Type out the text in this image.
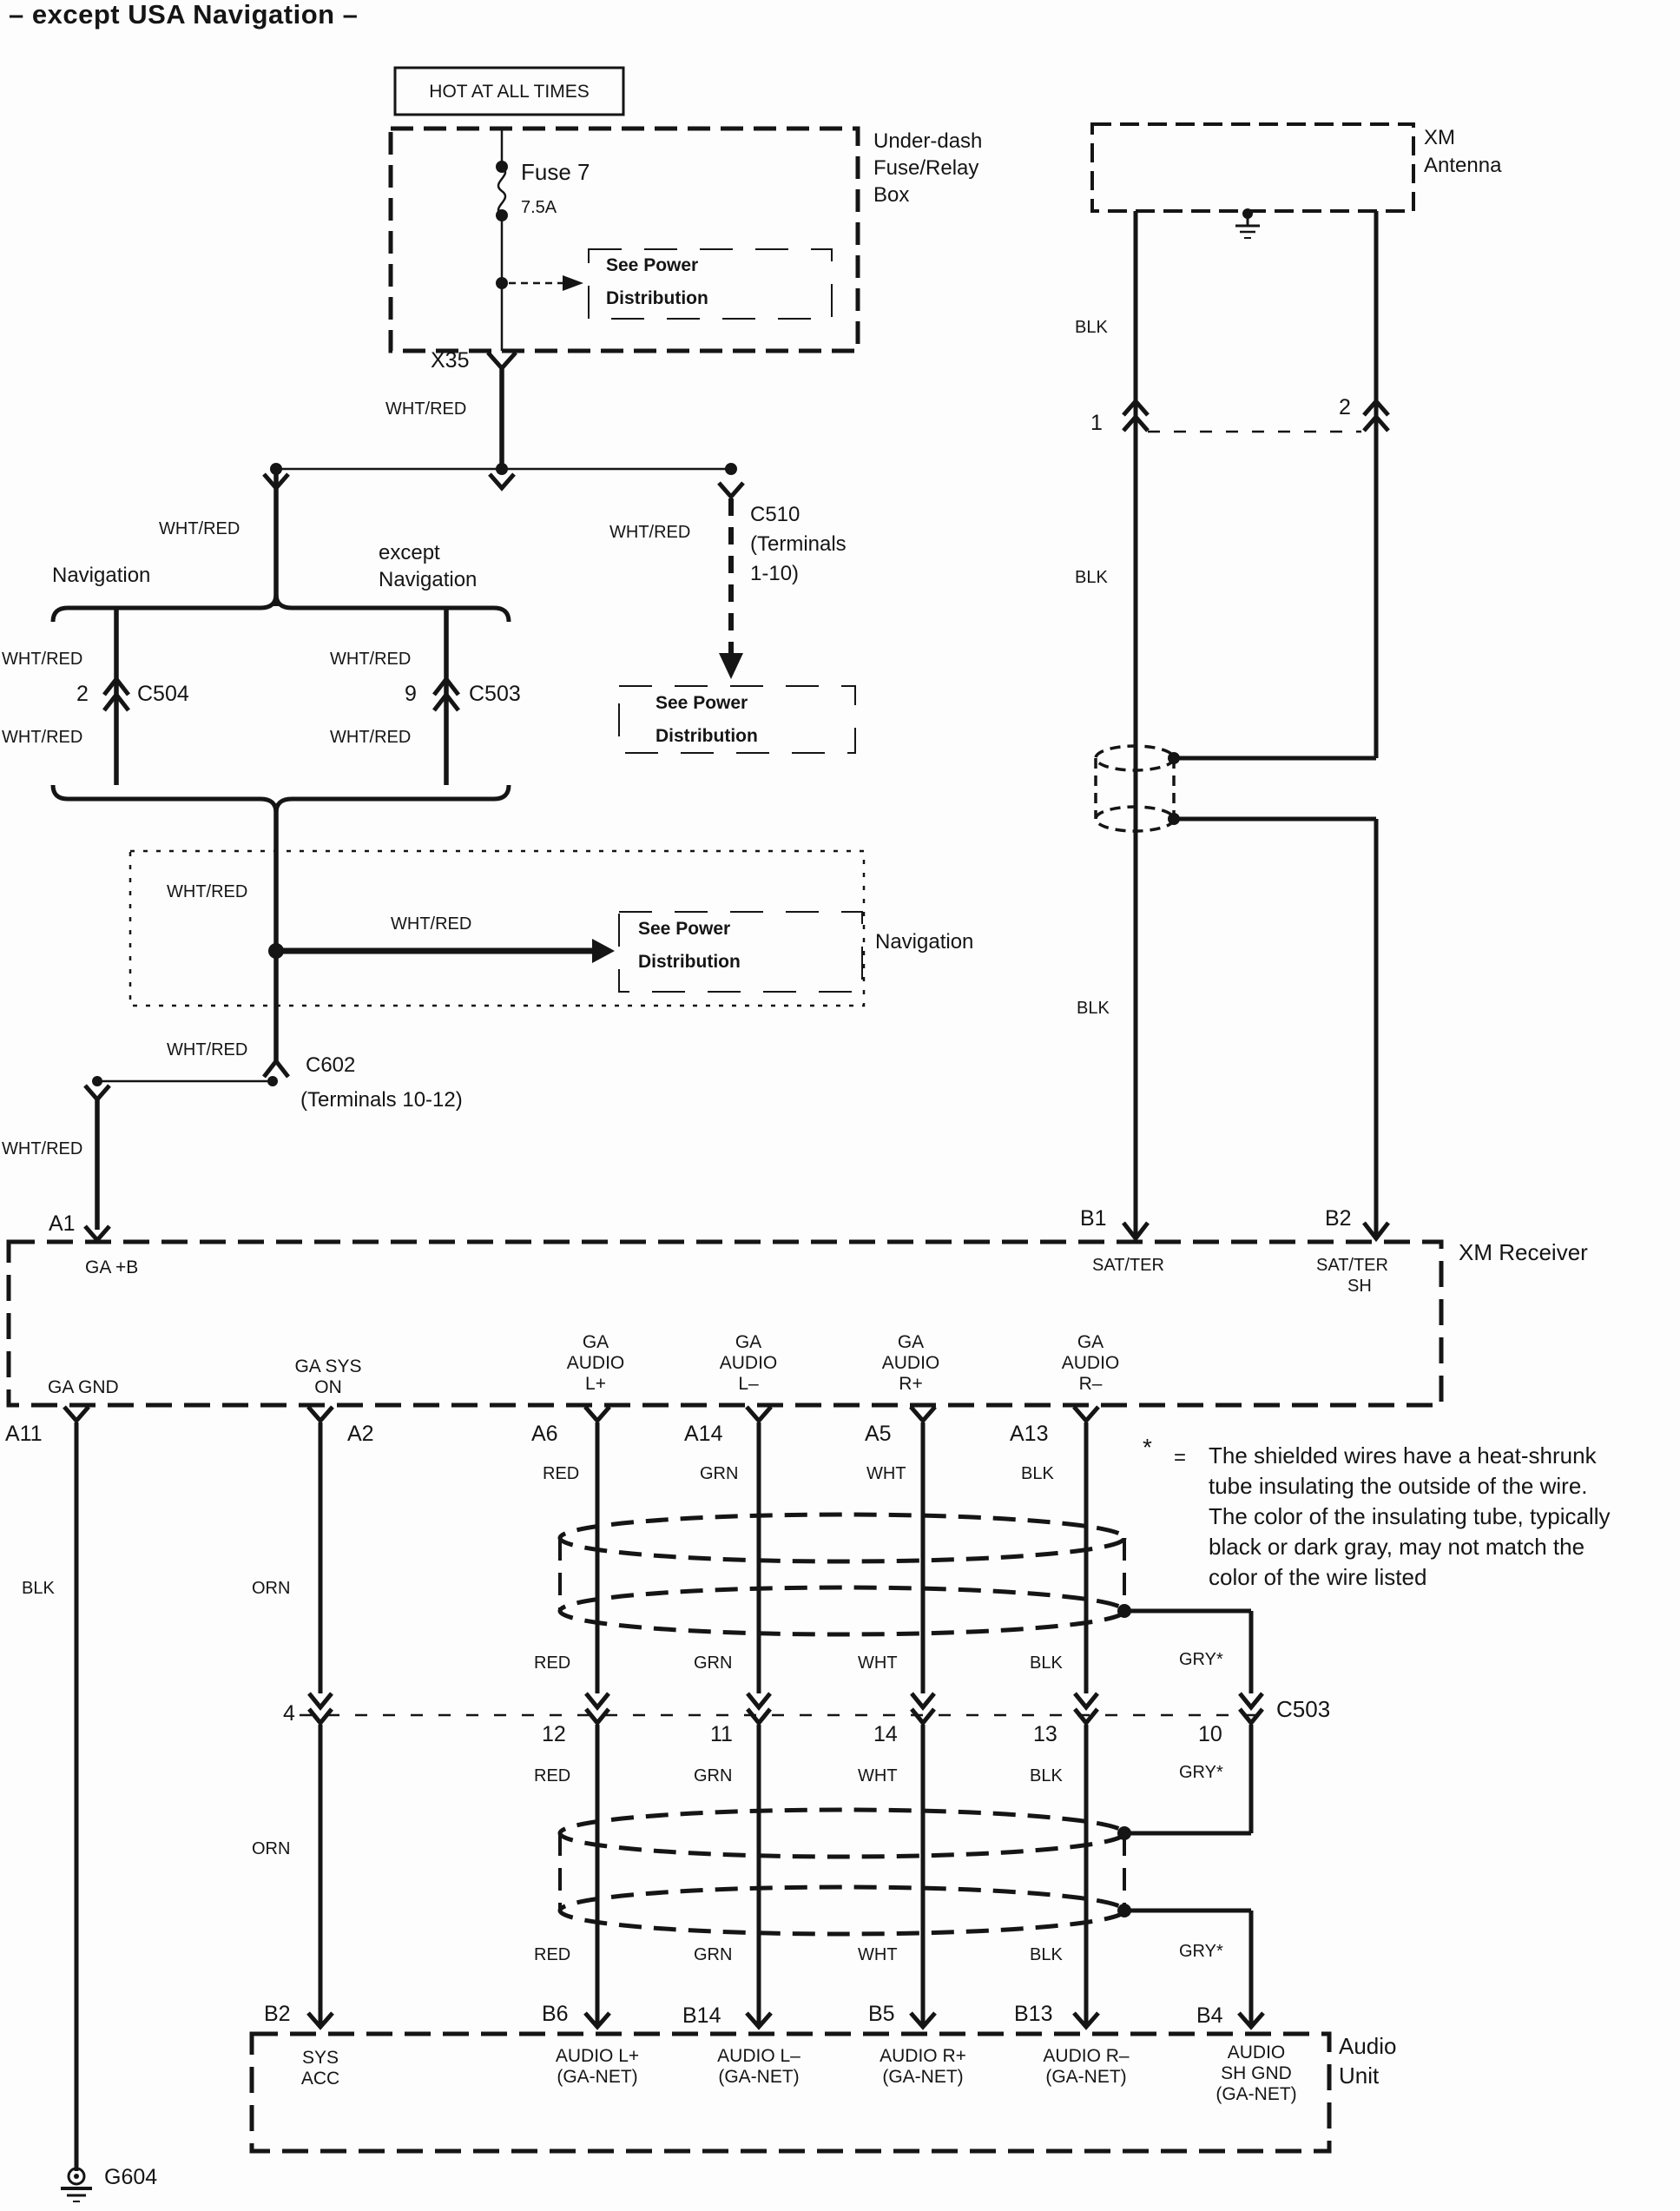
– except USA Navigation –
HOT AT ALL TIMES
Under-dash
Fuse/Relay
Box
Fuse 7
7.5A
See Power
Distribution
X35
WHT/RED
C510
(Terminals
1-10)
WHT/RED
See Power
Distribution
WHT/RED
Navigation
except
Navigation
WHT/RED
2 C504
WHT/RED
WHT/RED
9 C503
WHT/RED
WHT/RED
WHT/RED	See Power
Distribution
Navigation
WHT/RED
C602
(Terminals 10-12)
WHT/RED
A1
XM
Antenna
BLK
1
2
BLK
BLK
B1	B2
XM Receiver
GA +B	SAT/TER	SAT/TER
SH
GA GND
GA SYS
ON
GA
AUDIO
L+
GA
AUDIO
L–
GA
AUDIO
R+
GA
AUDIO
R–
A11	A2	A6	A14	A5	A13	* = The shielded wires have a heat-shrunk
tube insulating the outside of the wire.
The color of the insulating tube, typically
black or dark gray, may not match the
color of the wire listed
BLK	ORN
RED	GRN	WHT	BLK
RED	GRN	WHT	BLK	GRY*
4
12	11	14	13	10
C503
RED	GRN	WHT	BLK	GRY*
ORN
RED	GRN	WHT	BLK	GRY*
B2	B6	B14	B5	B13	B4
SYS
ACC
AUDIO L+
(GA-NET)
AUDIO L–
(GA-NET)
AUDIO R+
(GA-NET)
AUDIO R–
(GA-NET)
AUDIO
SH GND
(GA-NET)
Audio
Unit
G604
